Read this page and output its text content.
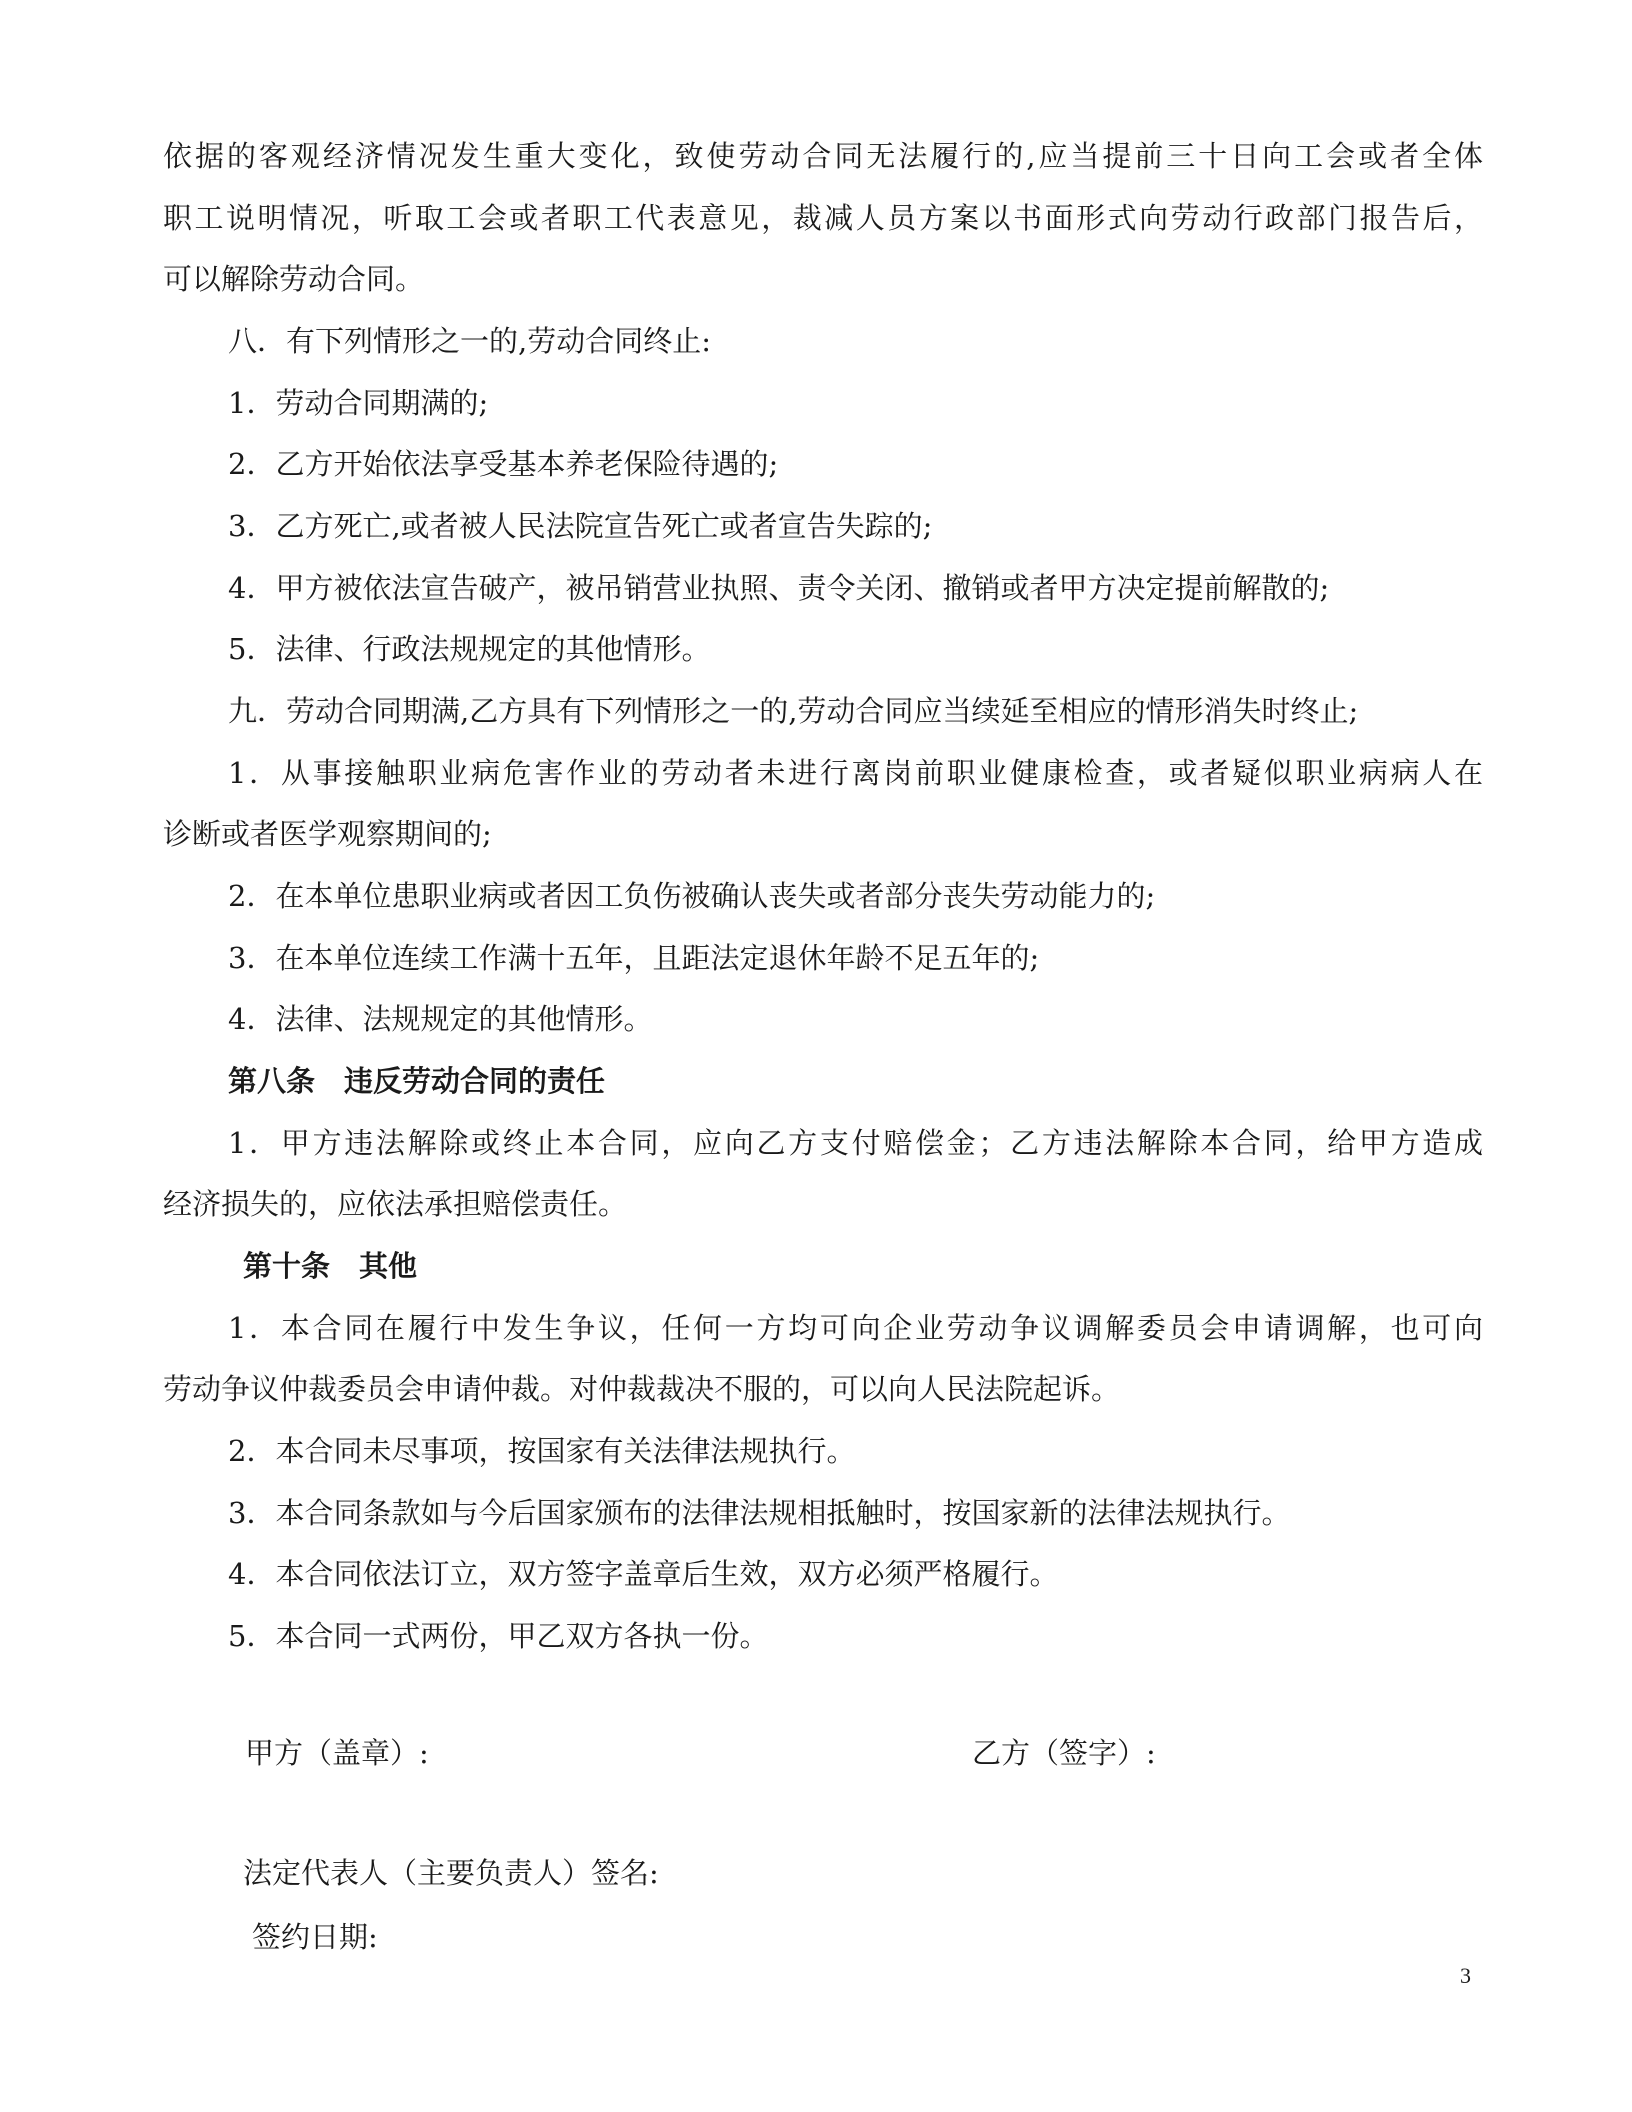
依据的客观经济情况发生重大变化，致使劳动合同无法履行的,应当提前三十日向工会或者全体
职工说明情况，听取工会或者职工代表意见，裁减人员方案以书面形式向劳动行政部门报告后，
可以解除劳动合同。
八．有下列情形之一的,劳动合同终止:
1．劳动合同期满的;
2．乙方开始依法享受基本养老保险待遇的;
3．乙方死亡,或者被人民法院宣告死亡或者宣告失踪的;
4．甲方被依法宣告破产，被吊销营业执照、责令关闭、撤销或者甲方决定提前解散的;
5．法律、行政法规规定的其他情形。
九．劳动合同期满,乙方具有下列情形之一的,劳动合同应当续延至相应的情形消失时终止;
1．从事接触职业病危害作业的劳动者未进行离岗前职业健康检查，或者疑似职业病病人在
诊断或者医学观察期间的;
2．在本单位患职业病或者因工负伤被确认丧失或者部分丧失劳动能力的;
3．在本单位连续工作满十五年，且距法定退休年龄不足五年的;
4．法律、法规规定的其他情形。
第八条　违反劳动合同的责任
1．甲方违法解除或终止本合同，应向乙方支付赔偿金；乙方违法解除本合同，给甲方造成
经济损失的，应依法承担赔偿责任。
第十条　其他
1．本合同在履行中发生争议，任何一方均可向企业劳动争议调解委员会申请调解，也可向
劳动争议仲裁委员会申请仲裁。对仲裁裁决不服的，可以向人民法院起诉。
2．本合同未尽事项，按国家有关法律法规执行。
3．本合同条款如与今后国家颁布的法律法规相抵触时，按国家新的法律法规执行。
4．本合同依法订立，双方签字盖章后生效，双方必须严格履行。
5．本合同一式两份，甲乙双方各执一份。
甲方（盖章）:	乙方（签字）:
法定代表人（主要负责人）签名:
签约日期:
3
